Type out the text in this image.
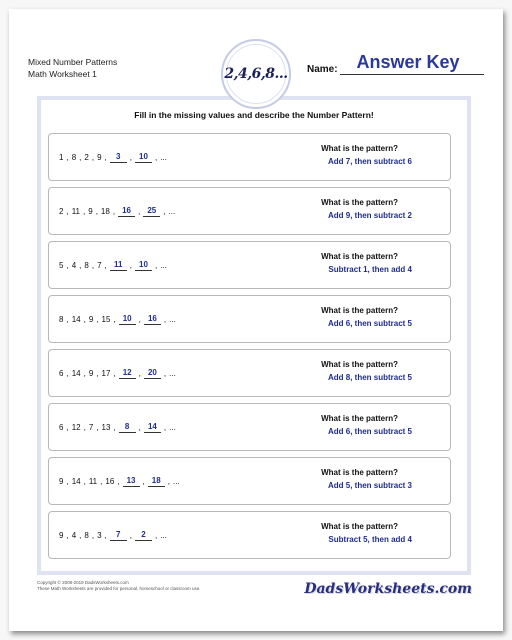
Mixed Number Patterns
Math Worksheet 1	2,4,6,8... Name:	Answer Key
Fill in the missing values and describe the Number Pattern!
1 , 8 , 2 , 9 ,	3	, 10 , ...
What is the pattern?
Add 7, then subtract 6
2 , 11 , 9 , 18 , 16 , 25 , ...
What is the pattern?
Add 9, then subtract 2
5 , 4 , 8 , 7 , 11 , 10 , ...
What is the pattern?
Subtract 1, then add 4
8 , 14 , 9 , 15 , 10 , 16 , ...
What is the pattern?
Add 6, then subtract 5
6 , 14 , 9 , 17 , 12 , 20 , ...
What is the pattern?
Add 8, then subtract 5
6 , 12 , 7 , 13 ,	8	, 14 , ...
What is the pattern?
Add 6, then subtract 5
9 , 14 , 11 , 16 , 13 , 18 , ...
What is the pattern?
Add 5, then subtract 3
9 , 4 , 8 , 3 ,	7	,	2	, ...
What is the pattern?
Subtract 5, then add 4
Copyright © 2008-2019 DadsWorksheets.com
These Math Worksheets are provided for personal, homeschool or classroom use.	DadsWorksheets.com
